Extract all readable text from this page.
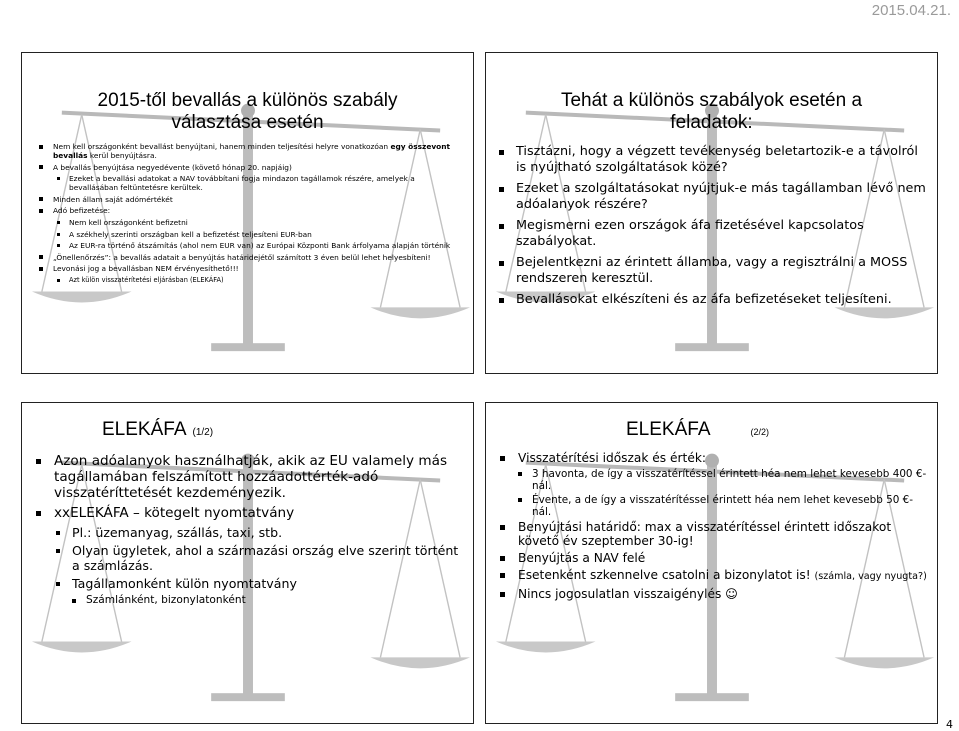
2015.04.21.
2015-től bevallás a különös szabály
választása esetén
Nem kell országonként bevallást benyújtani, hanem minden teljesítési helyre vonatkozóan egy összevont bevallás kerül benyújtásra.
A bevallás benyújtása negyedévente (követő hónap 20. napjáig)
Ezeket a bevallási adatokat a NAV továbbítani fogja mindazon tagállamok részére, amelyek a bevallásában feltüntetésre kerültek.
Minden állam saját adómértékét
Adó befizetése:
Nem kell országonként befizetni
A székhely szerinti országban kell a befizetést teljesíteni EUR-ban
Az EUR-ra történő átszámítás (ahol nem EUR van) az Európai Központi Bank árfolyama alapján történik
„Önellenőrzés”: a bevallás adatait a benyújtás határidejétől számított 3 éven belül lehet helyesbíteni!
Levonási jog a bevallásban NEM érvényesíthető!!!
Azt külön visszatérítetési eljárásban (ELEKÁFA)
Tehát a különös szabályok esetén a
feladatok:
Tisztázni, hogy a végzett tevékenység beletartozik-e a távolról is nyújtható szolgáltatások közé?
Ezeket a szolgáltatásokat nyújtjuk-e más tagállamban lévő nem adóalanyok részére?
Megismerni ezen országok áfa fizetésével kapcsolatos szabályokat.
Bejelentkezni az érintett államba, vagy a regisztrálni a MOSS rendszeren keresztül.
Bevallásokat elkészíteni és az áfa befizetéseket teljesíteni.
ELEKÁFA (1/2)
Azon adóalanyok használhatják, akik az EU valamely más tagállamában felszámított hozzáadottérték-adó visszatéríttetését kezdeményezik.
xxELEKÁFA – kötegelt nyomtatvány
Pl.: üzemanyag, szállás, taxi, stb.
Olyan ügyletek, ahol a származási ország elve szerint történt a számlázás.
Tagállamonként külön nyomtatvány
Számlánként, bizonylatonként
ELEKÁFA	(2/2)
Visszatérítési időszak és érték:
3 havonta, de így a visszatérítéssel érintett héa nem lehet kevesebb 400 €-nál.
Évente, a de így a visszatérítéssel érintett héa nem lehet kevesebb 50 €-nál.
Benyújtási határidő: max a visszatérítéssel érintett időszakot követő év szeptember 30-ig!
Benyújtás a NAV felé
Esetenként szkennelve csatolni a bizonylatot is! (számla, vagy nyugta?)
Nincs jogosulatlan visszaigénylés ☺
4
